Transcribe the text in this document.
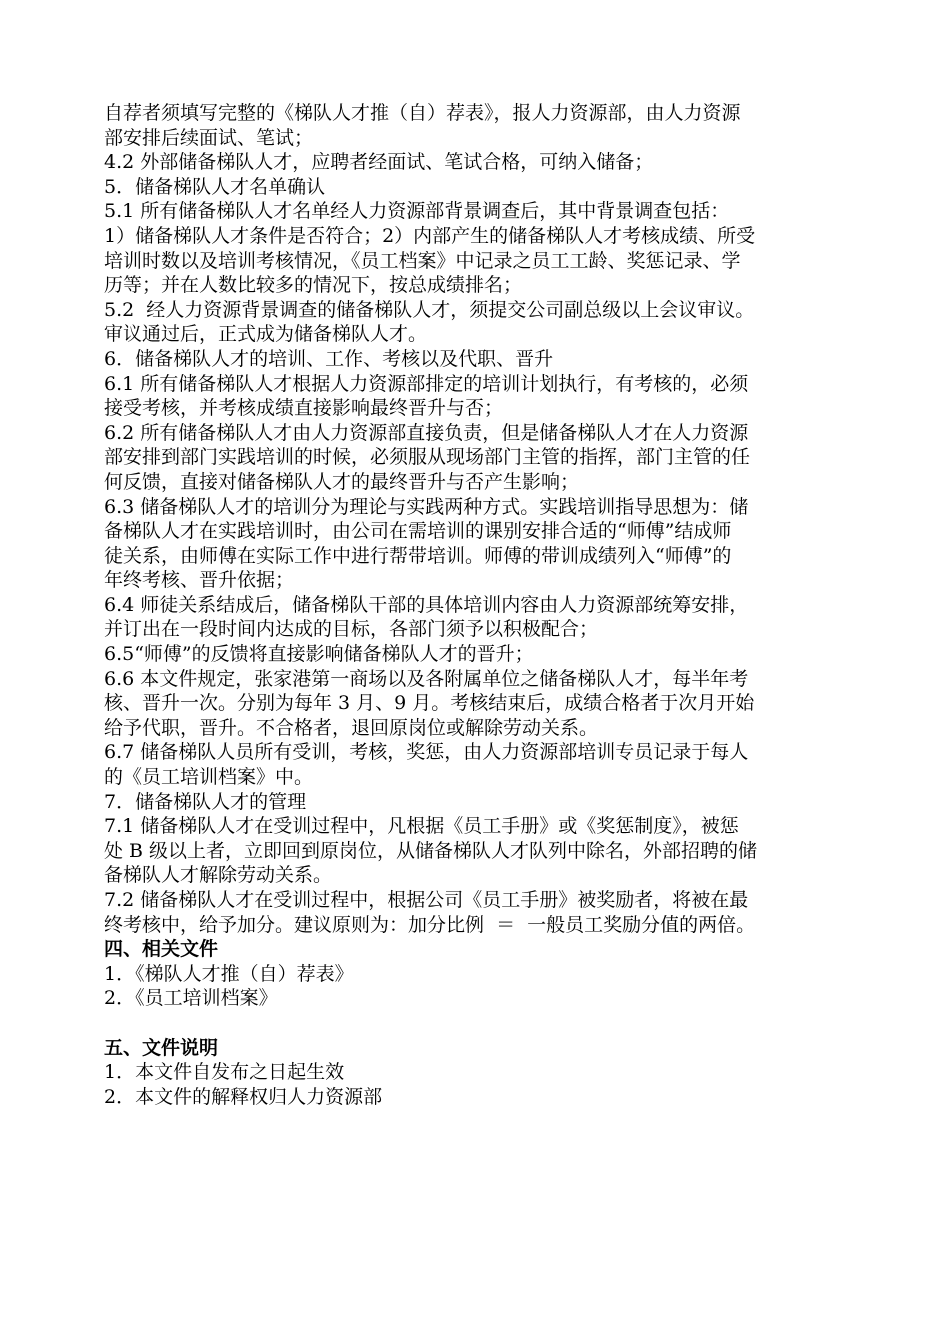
自荐者须填写完整的《梯队人才推（自）荐表》，报人力资源部，由人力资源
部安排后续面试、笔试；
4.2 外部储备梯队人才，应聘者经面试、笔试合格，可纳入储备；
5．储备梯队人才名单确认
5.1 所有储备梯队人才名单经人力资源部背景调查后，其中背景调查包括：
1）储备梯队人才条件是否符合；2）内部产生的储备梯队人才考核成绩、所受
培训时数以及培训考核情况，《员工档案》中记录之员工工龄、奖惩记录、学
历等；并在人数比较多的情况下，按总成绩排名；
5.2  经人力资源背景调查的储备梯队人才，须提交公司副总级以上会议审议。
审议通过后，正式成为储备梯队人才。
6．储备梯队人才的培训、工作、考核以及代职、晋升
6.1 所有储备梯队人才根据人力资源部排定的培训计划执行，有考核的，必须
接受考核，并考核成绩直接影响最终晋升与否；
6.2 所有储备梯队人才由人力资源部直接负责，但是储备梯队人才在人力资源
部安排到部门实践培训的时候，必须服从现场部门主管的指挥，部门主管的任
何反馈，直接对储备梯队人才的最终晋升与否产生影响；
6.3 储备梯队人才的培训分为理论与实践两种方式。实践培训指导思想为：储
备梯队人才在实践培训时，由公司在需培训的课别安排合适的“师傅”结成师
徒关系，由师傅在实际工作中进行帮带培训。师傅的带训成绩列入“师傅”的
年终考核、晋升依据；
6.4 师徒关系结成后，储备梯队干部的具体培训内容由人力资源部统筹安排，
并订出在一段时间内达成的目标，各部门须予以积极配合；
6.5“师傅”的反馈将直接影响储备梯队人才的晋升；
6.6 本文件规定，张家港第一商场以及各附属单位之储备梯队人才，每半年考
核、晋升一次。分别为每年 3 月、9 月。考核结束后，成绩合格者于次月开始
给予代职，晋升。不合格者，退回原岗位或解除劳动关系。
6.7 储备梯队人员所有受训，考核，奖惩，由人力资源部培训专员记录于每人
的《员工培训档案》中。
7．储备梯队人才的管理
7.1 储备梯队人才在受训过程中，凡根据《员工手册》或《奖惩制度》，被惩
处 B 级以上者，立即回到原岗位，从储备梯队人才队列中除名，外部招聘的储
备梯队人才解除劳动关系。
7.2 储备梯队人才在受训过程中，根据公司《员工手册》被奖励者，将被在最
终考核中，给予加分。建议原则为：加分比例  ＝  一般员工奖励分值的两倍。
四、相关文件
1．《梯队人才推（自）荐表》
2．《员工培训档案》
五、文件说明
1．本文件自发布之日起生效
2．本文件的解释权归人力资源部
